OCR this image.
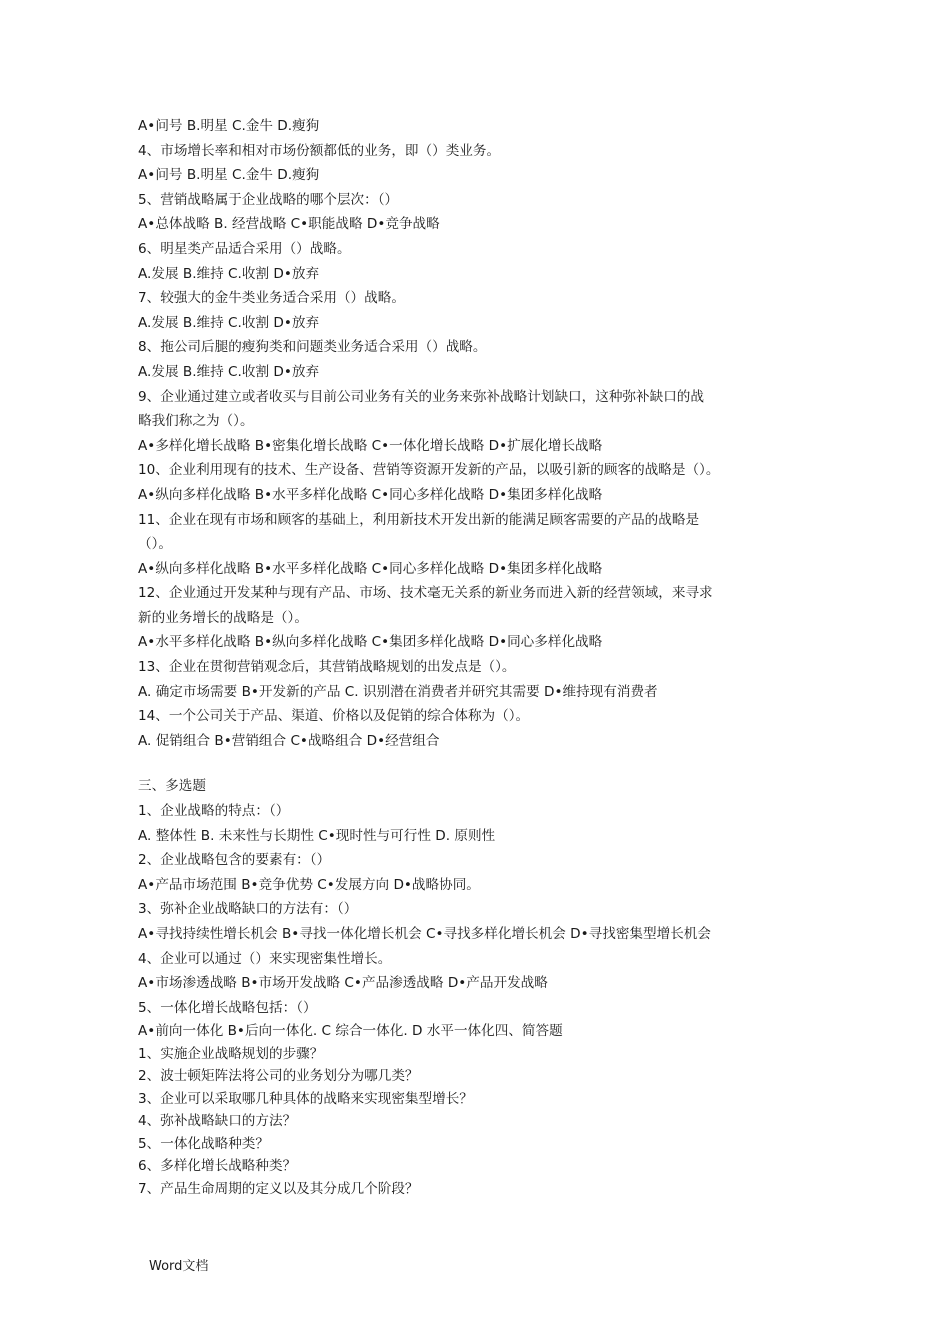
A•问号 B.明星 C.金牛 D.瘦狗
4、市场增长率和相对市场份额都低的业务，即（）类业务。
A•问号 B.明星 C.金牛 D.瘦狗
5、营销战略属于企业战略的哪个层次：（）
A•总体战略 B. 经营战略 C•职能战略 D•竞争战略
6、明星类产品适合采用（）战略。
A.发展 B.维持 C.收割 D•放弃
7、较强大的金牛类业务适合采用（）战略。
A.发展 B.维持 C.收割 D•放弃
8、拖公司后腿的瘦狗类和问题类业务适合采用（）战略。
A.发展 B.维持 C.收割 D•放弃
9、企业通过建立或者收买与目前公司业务有关的业务来弥补战略计划缺口，这种弥补缺口的战
略我们称之为（）。
A•多样化增长战略 B•密集化增长战略 C•一体化增长战略 D•扩展化增长战略
10、企业利用现有的技术、生产设备、营销等资源开发新的产品，以吸引新的顾客的战略是（）。
A•纵向多样化战略 B•水平多样化战略 C•同心多样化战略 D•集团多样化战略
11、企业在现有市场和顾客的基础上，利用新技术开发出新的能满足顾客需要的产品的战略是
（）。
A•纵向多样化战略 B•水平多样化战略 C•同心多样化战略 D•集团多样化战略
12、企业通过开发某种与现有产品、市场、技术毫无关系的新业务而进入新的经营领域，来寻求
新的业务增长的战略是（）。
A•水平多样化战略 B•纵向多样化战略 C•集团多样化战略 D•同心多样化战略
13、企业在贯彻营销观念后，其营销战略规划的出发点是（）。
A. 确定市场需要 B•开发新的产品 C. 识别潜在消费者并研究其需要 D•维持现有消费者
14、一个公司关于产品、渠道、价格以及促销的综合体称为（）。
A. 促销组合 B•营销组合 C•战略组合 D•经营组合
三、多选题
1、企业战略的特点：（）
A. 整体性 B. 未来性与长期性 C•现时性与可行性 D. 原则性
2、企业战略包含的要素有：（）
A•产品市场范围 B•竞争优势 C•发展方向 D•战略协同。
3、弥补企业战略缺口的方法有：（）
A•寻找持续性增长机会 B•寻找一体化增长机会 C•寻找多样化增长机会 D•寻找密集型增长机会
4、企业可以通过（）来实现密集性增长。
A•市场渗透战略 B•市场开发战略 C•产品渗透战略 D•产品开发战略
5、一体化增长战略包括：（）
A•前向一体化 B•后向一体化. C 综合一体化. D 水平一体化四、简答题
1、实施企业战略规划的步骤？
2、波士顿矩阵法将公司的业务划分为哪几类？
3、企业可以采取哪几种具体的战略来实现密集型增长？
4、弥补战略缺口的方法？
5、一体化战略种类？
6、多样化增长战略种类？
7、产品生命周期的定义以及其分成几个阶段？
Word文档
